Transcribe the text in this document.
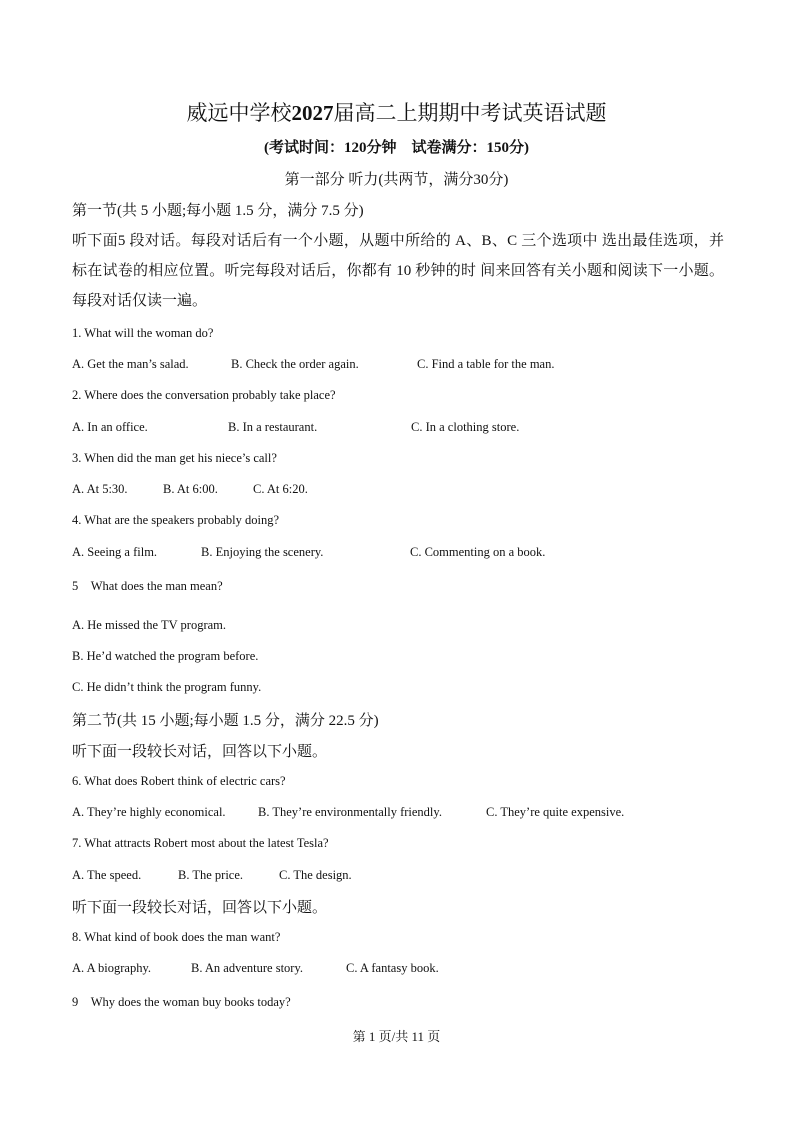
威远中学校2027届高二上期期中考试英语试题
(考试时间：120分钟　试卷满分：150分)
第一部分 听力(共两节，满分30分)
第一节(共 5 小题;每小题 1.5 分，满分 7.5 分)
听下面5 段对话。每段对话后有一个小题，从题中所给的 A、B、C 三个选项中 选出最佳选项，并标在试卷的相应位置。听完每段对话后，你都有 10 秒钟的时 间来回答有关小题和阅读下一小题。每段对话仅读一遍。
1. What will the woman do?
A. Get the man’s salad.	B. Check the order again.	C. Find a table for the man.
2. Where does the conversation probably take place?
A. In an office.	B. In a restaurant.	C. In a clothing store.
3. When did the man get his niece’s call?
A. At 5:30.	B. At 6:00.	C. At 6:20.
4. What are the speakers probably doing?
A. Seeing a film.	B. Enjoying the scenery.	C. Commenting on a book.
5　What does the man mean?
A. He missed the TV program.
B. He’d watched the program before.
C. He didn’t think the program funny.
第二节(共 15 小题;每小题 1.5 分，满分 22.5 分)
听下面一段较长对话，回答以下小题。
6. What does Robert think of electric cars?
A. They’re highly economical.	B. They’re environmentally friendly.	C. They’re quite expensive.
7. What attracts Robert most about the latest Tesla?
A. The speed.	B. The price.	C. The design.
听下面一段较长对话，回答以下小题。
8. What kind of book does the man want?
A. A biography.	B. An adventure story.	C. A fantasy book.
9　Why does the woman buy books today?
第 1 页/共 11 页
